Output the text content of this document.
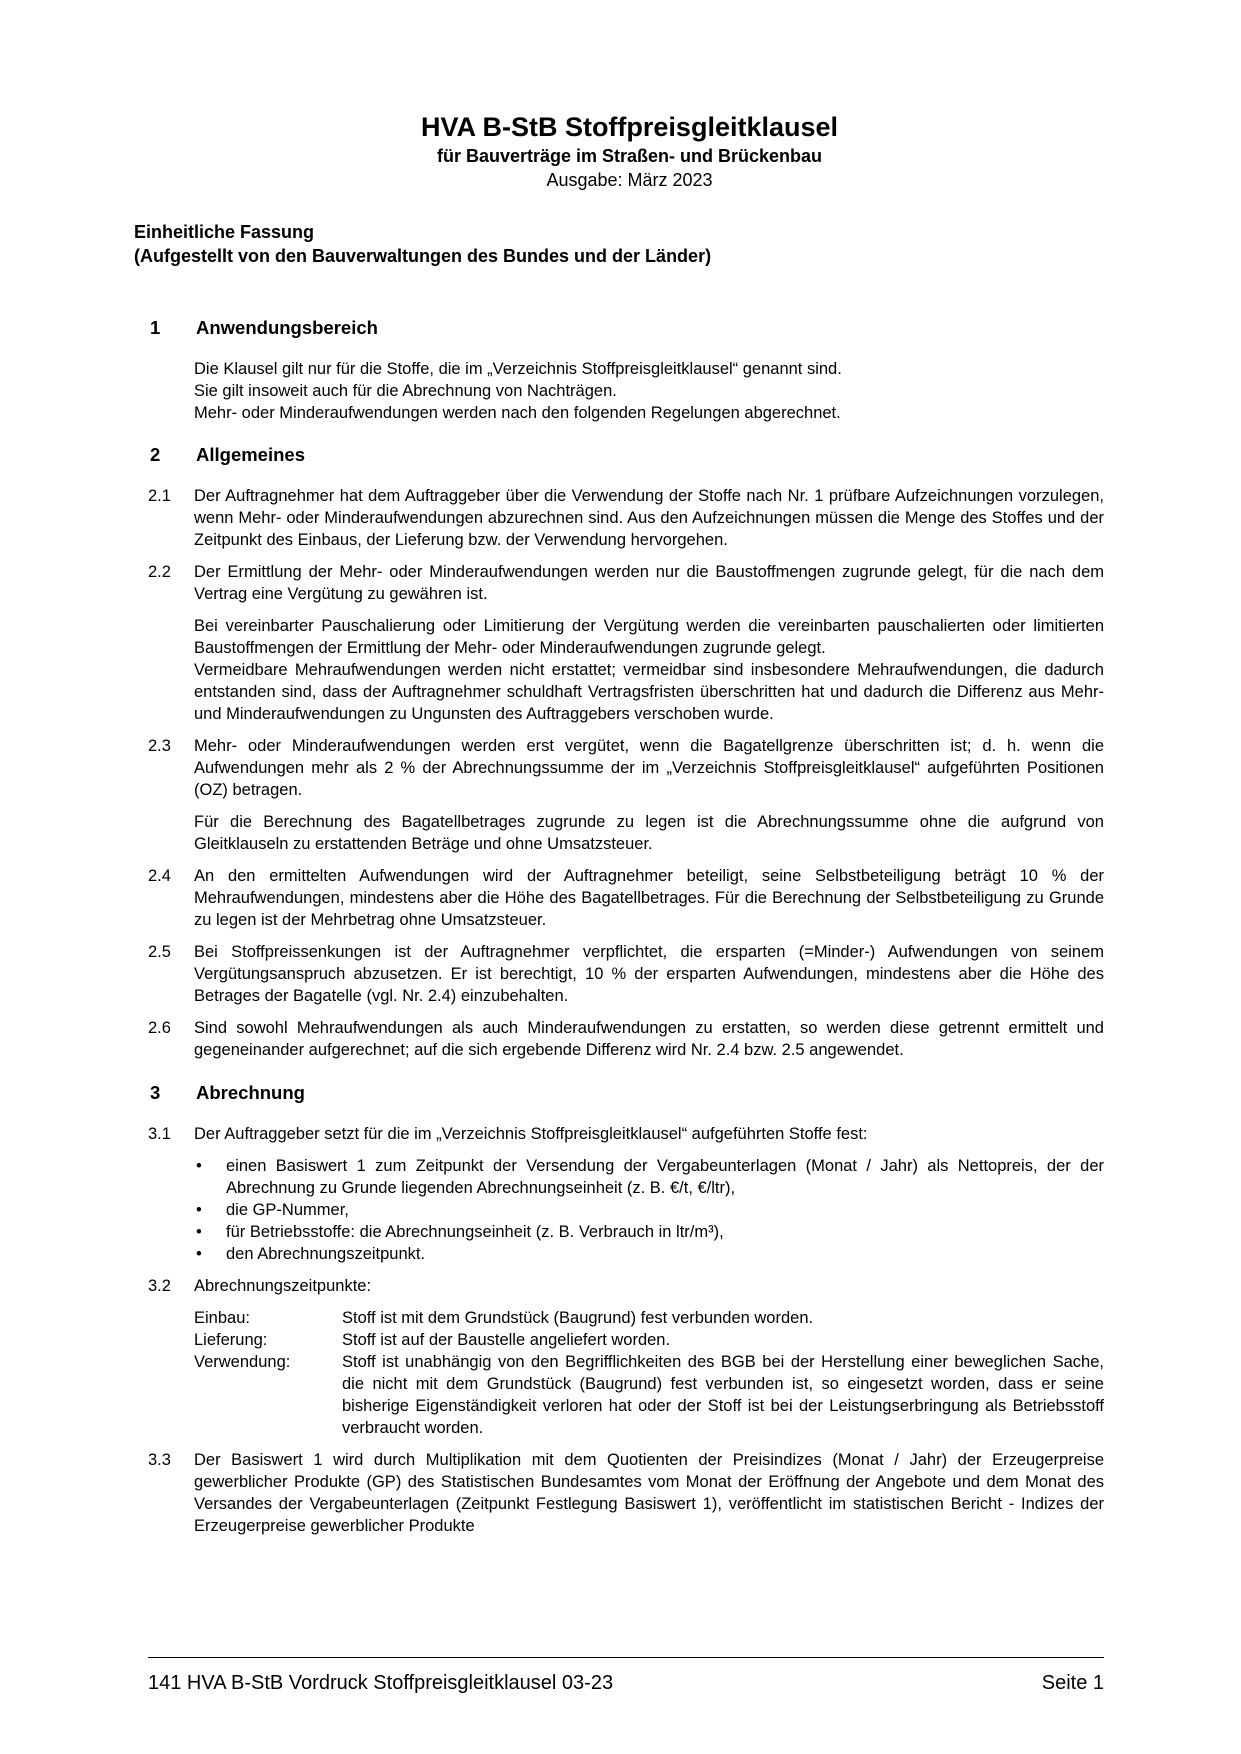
HVA B-StB Stoffpreisgleitklausel
für Bauverträge im Straßen- und Brückenbau
Ausgabe: März 2023
Einheitliche Fassung
(Aufgestellt von den Bauverwaltungen des Bundes und der Länder)
1	Anwendungsbereich

Die Klausel gilt nur für die Stoffe, die im „Verzeichnis Stoffpreisgleitklausel“ genannt sind.

Sie gilt insoweit auch für die Abrechnung von Nachträgen.

Mehr- oder Minderaufwendungen werden nach den folgenden Regelungen abgerechnet.

2	Allgemeines
2.1	Der Auftragnehmer hat dem Auftraggeber über die Verwendung der Stoffe nach Nr. 1 prüfbare Aufzeichnungen vorzulegen, wenn Mehr- oder Minderaufwendungen abzurechnen sind. Aus den Aufzeichnungen müssen die Menge des Stoffes und der Zeitpunkt des Einbaus, der Lieferung bzw. der Verwendung hervorgehen.
2.2	Der Ermittlung der Mehr- oder Minderaufwendungen werden nur die Baustoffmengen zugrunde gelegt, für die nach dem Vertrag eine Vergütung zu gewähren ist.
Bei vereinbarter Pauschalierung oder Limitierung der Vergütung werden die vereinbarten pauschalierten oder limitierten Baustoffmengen der Ermittlung der Mehr- oder Minderaufwendungen zugrunde gelegt.
Vermeidbare Mehraufwendungen werden nicht erstattet; vermeidbar sind insbesondere Mehraufwendungen, die dadurch entstanden sind, dass der Auftragnehmer schuldhaft Vertragsfristen überschritten hat und dadurch die Differenz aus Mehr- und Minderaufwendungen zu Ungunsten des Auftraggebers verschoben wurde.
2.3	Mehr- oder Minderaufwendungen werden erst vergütet, wenn die Bagatellgrenze überschritten ist; d. h. wenn die Aufwendungen mehr als 2 % der Abrechnungssumme der im „Verzeichnis Stoffpreisgleitklausel“ aufgeführten Positionen (OZ) betragen.
Für die Berechnung des Bagatellbetrages zugrunde zu legen ist die Abrechnungssumme ohne die aufgrund von Gleitklauseln zu erstattenden Beträge und ohne Umsatzsteuer.
2.4	An den ermittelten Aufwendungen wird der Auftragnehmer beteiligt, seine Selbstbeteiligung beträgt 10 % der Mehraufwendungen, mindestens aber die Höhe des Bagatellbetrages. Für die Berechnung der Selbstbeteiligung zu Grunde zu legen ist der Mehrbetrag ohne Umsatzsteuer.
2.5	Bei Stoffpreissenkungen ist der Auftragnehmer verpflichtet, die ersparten (=Minder-) Aufwendungen von seinem Vergütungsanspruch abzusetzen. Er ist berechtigt, 10 % der ersparten Aufwendungen, mindestens aber die Höhe des Betrages der Bagatelle (vgl. Nr. 2.4) einzubehalten.
2.6	Sind sowohl Mehraufwendungen als auch Minderaufwendungen zu erstatten, so werden diese getrennt ermittelt und gegeneinander aufgerechnet; auf die sich ergebende Differenz wird Nr. 2.4 bzw. 2.5 angewendet.
3	Abrechnung
3.1	Der Auftraggeber setzt für die im „Verzeichnis Stoffpreisgleitklausel“ aufgeführten Stoffe fest:
•	einen Basiswert 1 zum Zeitpunkt der Versendung der Vergabeunterlagen (Monat / Jahr) als Nettopreis, der der Abrechnung zu Grunde liegenden Abrechnungseinheit (z. B. €/t, €/ltr),
•	die GP-Nummer,
•	für Betriebsstoffe: die Abrechnungseinheit (z. B. Verbrauch in ltr/m³),
•	den Abrechnungszeitpunkt.
3.2	Abrechnungszeitpunkte:
Einbau:	Stoff ist mit dem Grundstück (Baugrund) fest verbunden worden.
Lieferung:	Stoff ist auf der Baustelle angeliefert worden.
Verwendung:	Stoff ist unabhängig von den Begrifflichkeiten des BGB bei der Herstellung einer beweglichen Sache, die nicht mit dem Grundstück (Baugrund) fest verbunden ist, so eingesetzt worden, dass er seine bisherige Eigenständigkeit verloren hat oder der Stoff ist bei der Leistungserbringung als Betriebsstoff verbraucht worden.
3.3	Der Basiswert 1 wird durch Multiplikation mit dem Quotienten der Preisindizes (Monat / Jahr) der Erzeugerpreise gewerblicher Produkte (GP) des Statistischen Bundesamtes vom Monat der Eröffnung der Angebote und dem Monat des Versandes der Vergabeunterlagen (Zeitpunkt Festlegung Basiswert 1), veröffentlicht im statistischen Bericht - Indizes der Erzeugerpreise gewerblicher Produkte
141 HVA B-StB Vordruck Stoffpreisgleitklausel 03-23	Seite 1
